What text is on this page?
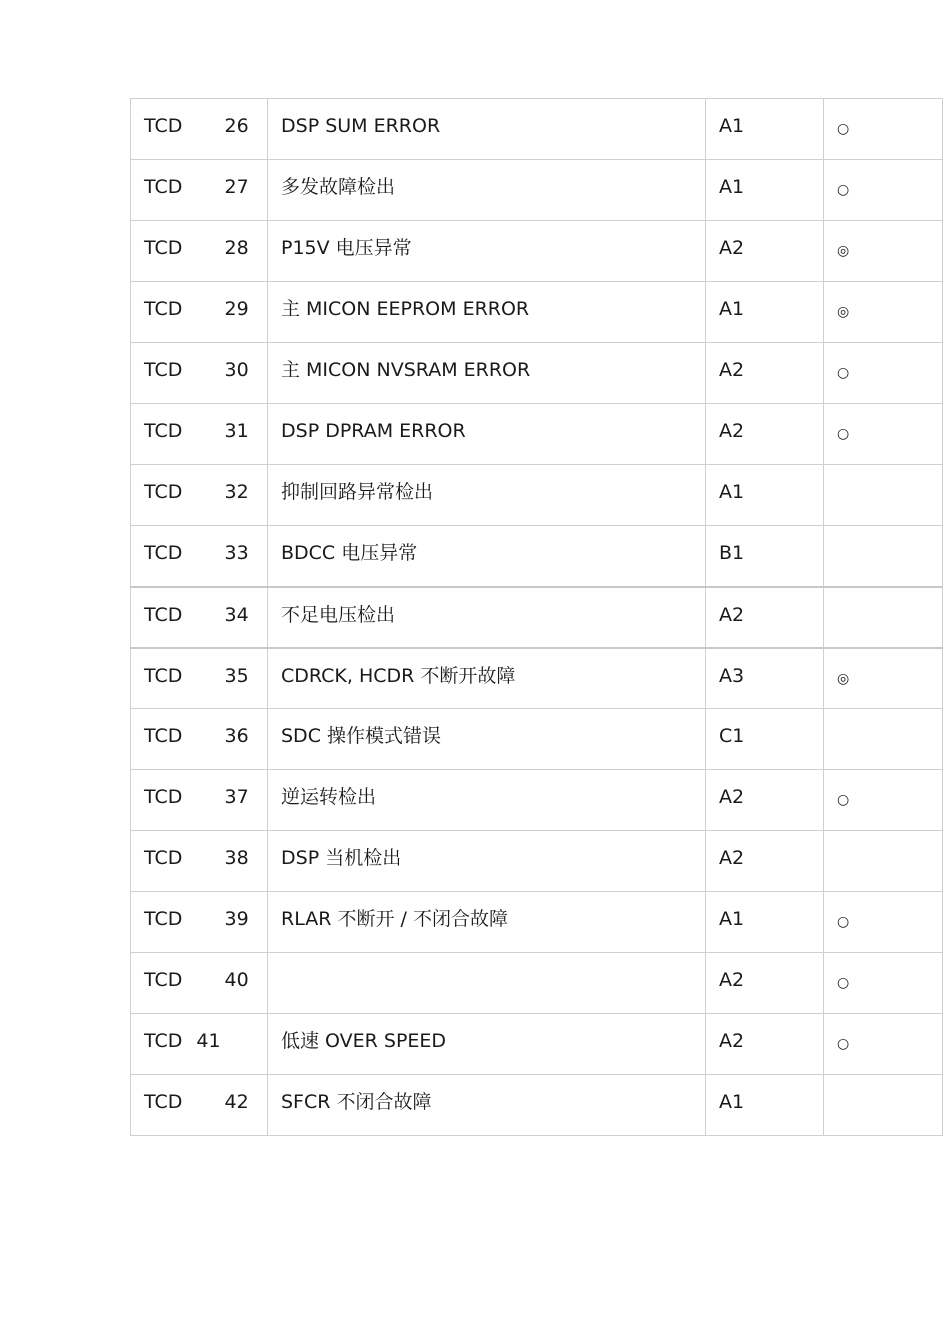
TCD   26	DSP SUM ERROR	A1	○

TCD   27	多发故障检出	A1	○

TCD   28	P15V 电压异常	A2	◎

TCD   29	主 MICON EEPROM ERROR	A1	◎

TCD   30	主 MICON NVSRAM ERROR	A2	○

TCD   31	DSP DPRAM ERROR	A2	○

TCD   32	抑制回路异常检出	A1	

TCD   33	BDCC 电压异常	B1	

TCD   34	不足电压检出	A2	

TCD   35	CDRCK, HCDR 不断开故障	A3	◎

TCD   36	SDC 操作模式错误	C1	

TCD   37	逆运转检出	A2	○

TCD   38	DSP 当机检出	A2	

TCD   39	RLAR 不断开 / 不闭合故障	A1	○

TCD   40		A2	○

TCD 41	低速 OVER SPEED	A2	○

TCD   42	SFCR 不闭合故障	A1	
